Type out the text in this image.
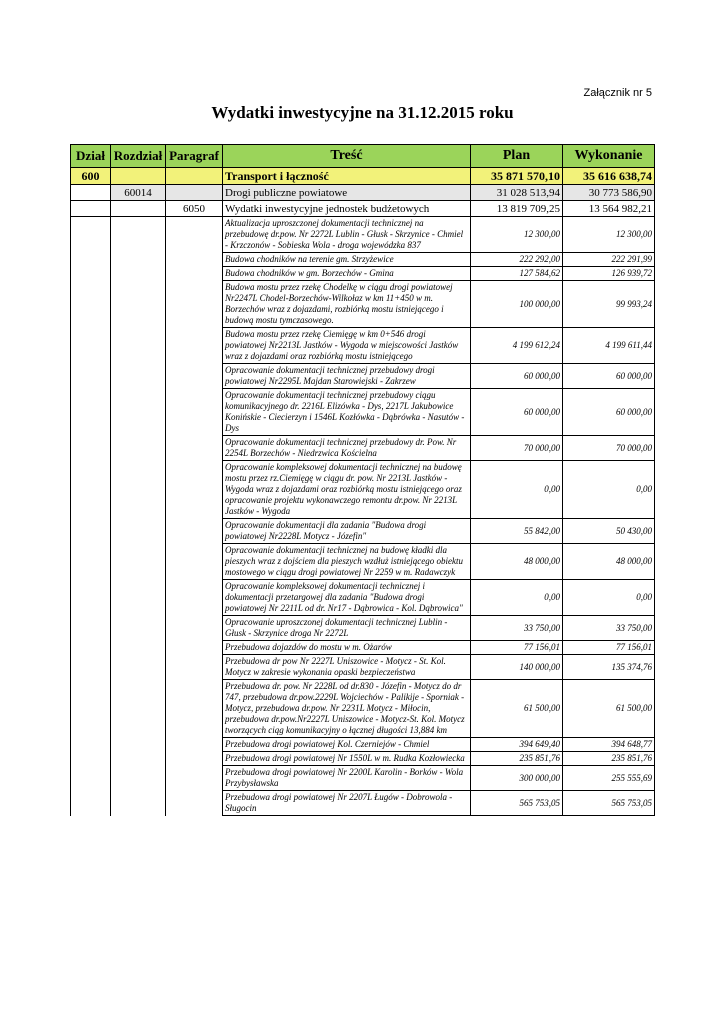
Załącznik nr 5
Wydatki inwestycyjne na 31.12.2015 roku
Dział	Rozdział	Paragraf	Treść	Plan	Wykonanie
600			Transport i łączność	35 871 570,10	35 616 638,74
	60014		Drogi publiczne powiatowe	31 028 513,94	30 773 586,90
		6050	Wydatki inwestycyjne jednostek budżetowych	13 819 709,25	13 564 982,21
			Aktualizacja uproszczonej dokumentacji technicznej na przebudowę dr.pow. Nr 2272L Lublin - Głusk - Skrzynice - Chmiel - Krzczonów - Sobieska Wola - droga wojewódzka 837	12 300,00	12 300,00
			Budowa chodników na terenie gm. Strzyżewice	222 292,00	222 291,99
			Budowa chodników w gm. Borzechów - Gmina	127 584,62	126 939,72
			Budowa mostu przez rzekę Chodelkę w ciągu drogi powiatowej Nr2247L Chodel-Borzechów-Wilkołaz w km 11+450 w m. Borzechów wraz z dojazdami, rozbiórką mostu istniejącego i budową mostu tymczasowego.	100 000,00	99 993,24
			Budowa mostu przez rzekę Ciemięgę w km 0+546 drogi powiatowej Nr2213L Jastków - Wygoda w miejscowości Jastków wraz z dojazdami oraz rozbiórką mostu istniejącego	4 199 612,24	4 199 611,44
			Opracowanie dokumentacji technicznej przebudowy drogi powiatowej Nr2295L Majdan Starowiejski - Zakrzew	60 000,00	60 000,00
			Opracowanie dokumentacji technicznej przebudowy ciągu komunikacyjnego dr. 2216L Elizówka - Dys, 2217L Jakubowice Konińskie - Ciecierzyn i 1546L Kozłówka - Dąbrówka - Nasutów - Dys	60 000,00	60 000,00
			Opracowanie dokumentacji technicznej przebudowy dr. Pow. Nr 2254L Borzechów - Niedrzwica Kościelna	70 000,00	70 000,00
			Opracowanie kompleksowej dokumentacji technicznej na budowę mostu przez rz.Ciemięgę w ciągu dr. pow. Nr 2213L Jastków - Wygoda wraz z dojazdami oraz rozbiórką mostu istniejącego oraz opracowanie projektu wykonawczego remontu dr.pow. Nr 2213L Jastków - Wygoda	0,00	0,00
			Opracowanie dokumentacji dla zadania "Budowa drogi powiatowej Nr2228L Motycz - Józefin"	55 842,00	50 430,00
			Opracowanie dokumentacji technicznej na budowę kładki dla pieszych wraz z dojściem dla pieszych wzdłuż istniejącego obiektu mostowego w ciągu drogi powiatowej Nr 2259 w m. Radawczyk	48 000,00	48 000,00
			Opracowanie kompleksowej dokumentacji technicznej i dokumentacji przetargowej dla zadania "Budowa drogi powiatowej Nr 2211L od dr. Nr17 - Dąbrowica - Kol. Dąbrowica"	0,00	0,00
			Opracowanie uproszczonej dokumentacji technicznej Lublin - Głusk - Skrzynice droga Nr 2272L	33 750,00	33 750,00
			Przebudowa dojazdów do mostu w m. Ożarów	77 156,01	77 156,01
			Przebudowa dr pow Nr 2227L Uniszowice - Motycz - St. Kol. Motycz w zakresie wykonania opaski bezpieczeństwa	140 000,00	135 374,76
			Przebudowa dr. pow. Nr 2228L od dr.830 - Józefin - Motycz do dr 747, przebudowa dr.pow.2229L Wojciechów - Palikije - Sporniak - Motycz, przebudowa dr.pow. Nr 2231L Motycz - Miłocin, przebudowa dr.pow.Nr2227L Uniszowice - Motycz-St. Kol. Motycz tworzących ciąg komunikacyjny o łącznej długości 13,884 km	61 500,00	61 500,00
			Przebudowa drogi powiatowej Kol. Czerniejów - Chmiel	394 649,40	394 648,77
			Przebudowa drogi powiatowej Nr 1550L w m. Rudka Kozłowiecka	235 851,76	235 851,76
			Przebudowa drogi powiatowej Nr 2200L Karolin - Borków - Wola Przybysławska	300 000,00	255 555,69
			Przebudowa drogi powiatowej Nr 2207L Ługów - Dobrowola - Sługocin	565 753,05	565 753,05
